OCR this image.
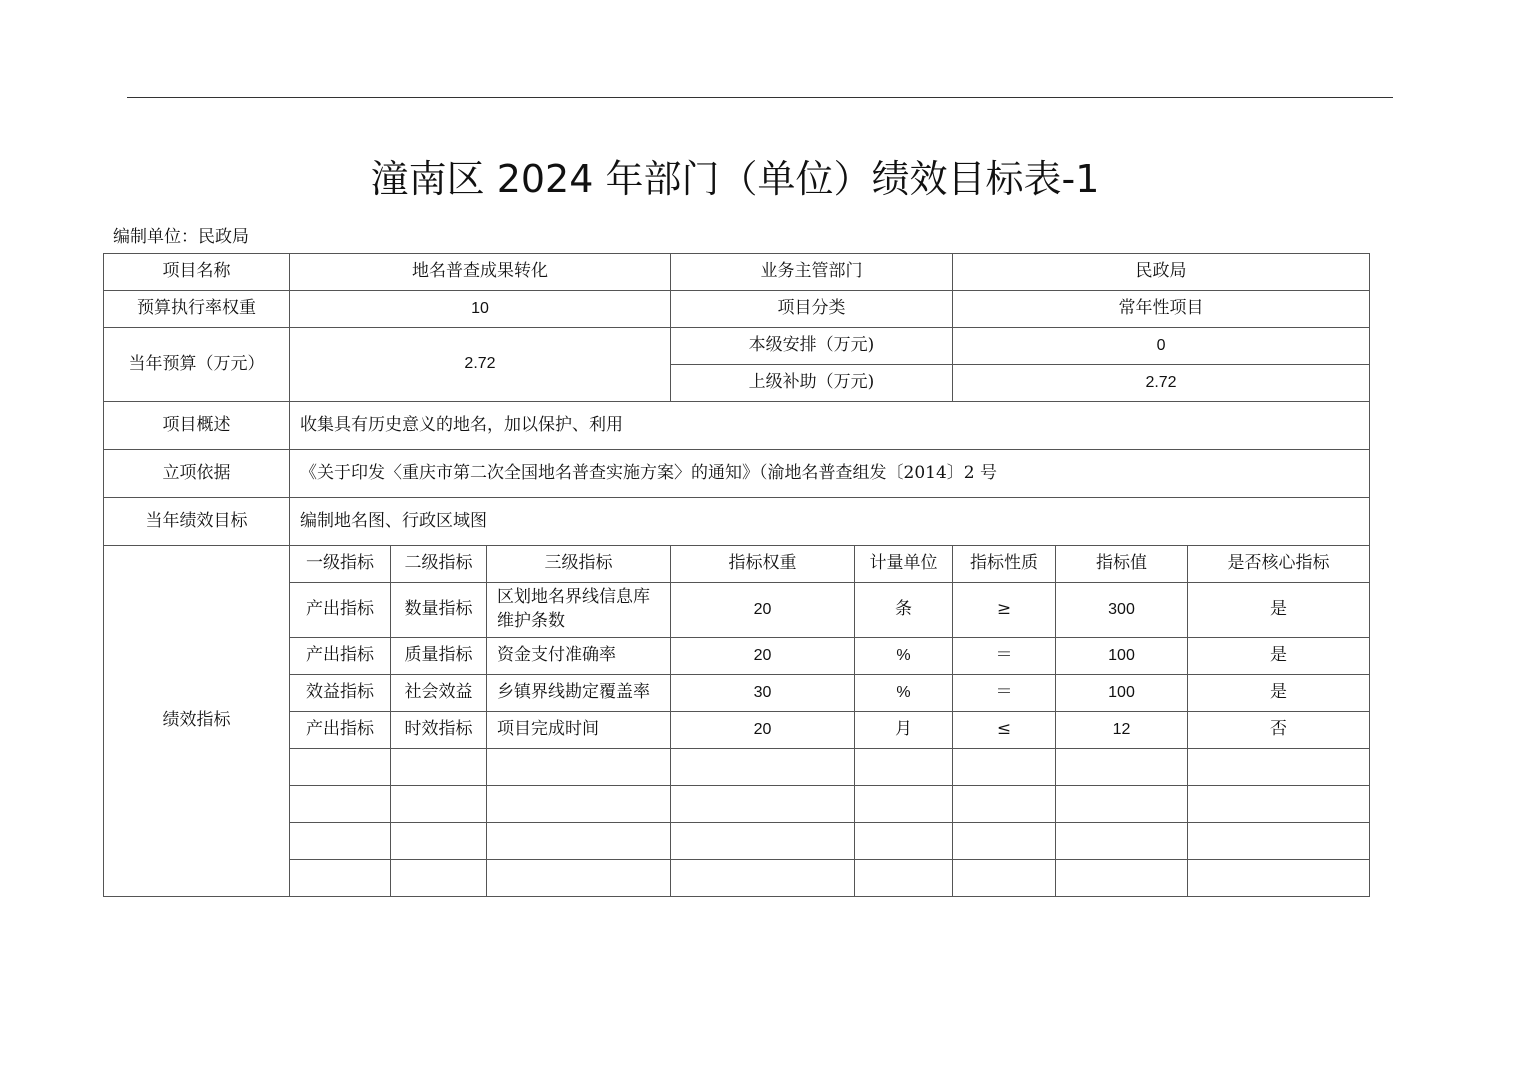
潼南区 2024 年部门（单位）绩效目标表-1
编制单位：民政局
项目名称	地名普查成果转化			业务主管部门		民政局		
预算执行率权重	10			项目分类		常年性项目		
当年预算（万元）	2.72			本级安排（万元)		0		
				上级补助（万元)		2.72		
项目概述	收集具有历史意义的地名，加以保护、利用							
立项依据	《关于印发〈重庆市第二次全国地名普查实施方案〉的通知》（渝地名普查组发〔2014〕2 号							
当年绩效目标	编制地名图、行政区域图							
绩效指标	一级指标	二级指标	三级指标	指标权重	计量单位	指标性质	指标值	是否核心指标
	产出指标	数量指标	区划地名界线信息库维护条数	20	条	≥	300	是
	产出指标	质量指标	资金支付准确率	20	%	＝	100	是
	效益指标	社会效益	乡镇界线勘定覆盖率	30	%	＝	100	是
	产出指标	时效指标	项目完成时间	20	月	≤	12	否
